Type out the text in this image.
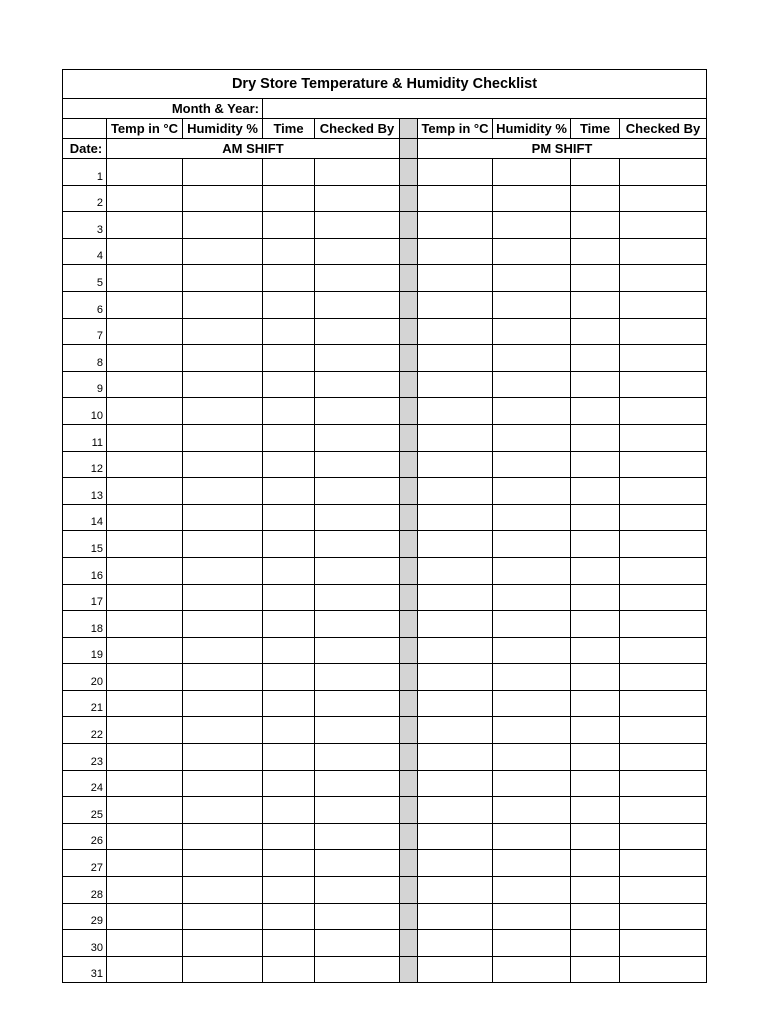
Dry Store Temperature & Humidity Checklist									
Month & Year:									
	Temp in °C	Humidity %	Time	Checked By		Temp in °C	Humidity %	Time	Checked By
Date:	AM SHIFT					PM SHIFT			
1									
2									
3									
4									
5									
6									
7									
8									
9									
10									
11									
12									
13									
14									
15									
16									
17									
18									
19									
20									
21									
22									
23									
24									
25									
26									
27									
28									
29									
30									
31									
